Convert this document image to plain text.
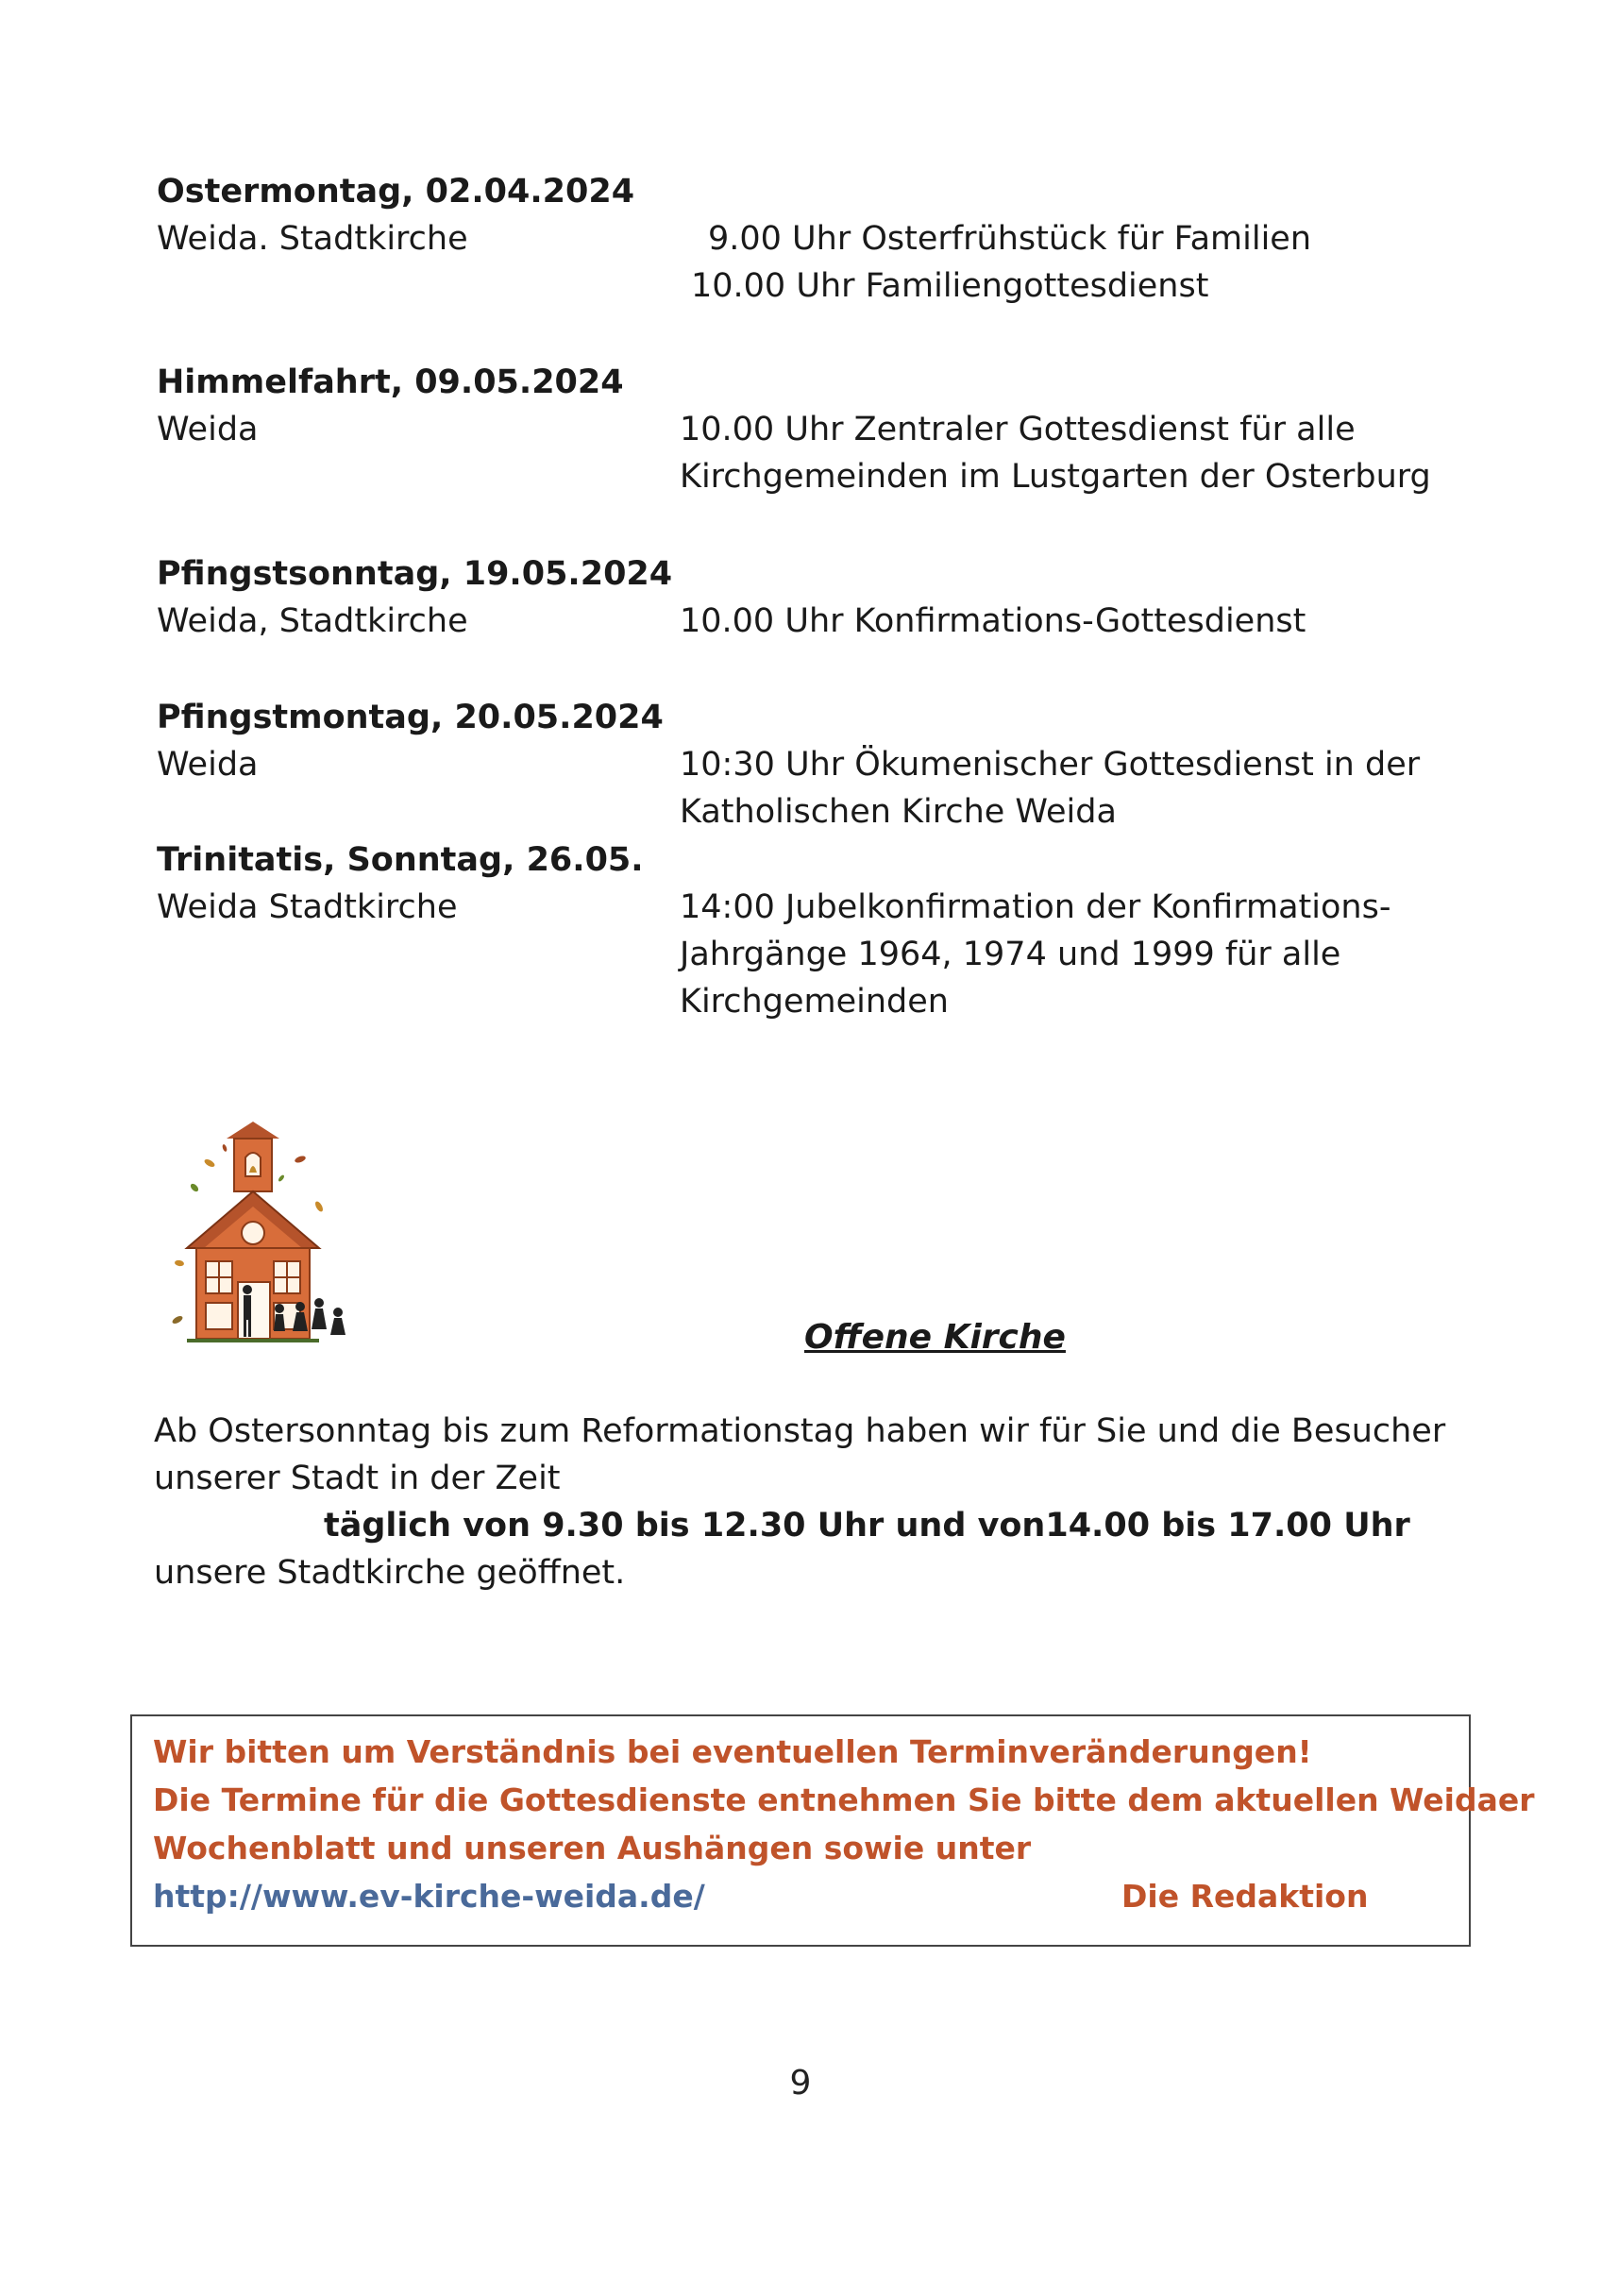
Ostermontag, 02.04.2024
Weida. Stadtkirche	9.00 Uhr Osterfrühstück für Familien
10.00 Uhr Familiengottesdienst
Himmelfahrt, 09.05.2024
Weida	10.00 Uhr Zentraler Gottesdienst für alle
Kirchgemeinden im Lustgarten der Osterburg
Pfingstsonntag, 19.05.2024
Weida, Stadtkirche	10.00 Uhr Konfirmations-Gottesdienst
Pfingstmontag, 20.05.2024
Weida	10:30 Uhr Ökumenischer Gottesdienst in der
Katholischen Kirche Weida
Trinitatis, Sonntag, 26.05.
Weida Stadtkirche	14:00 Jubelkonfirmation der Konfirmations-
Jahrgänge 1964, 1974 und 1999 für alle
Kirchgemeinden
Offene Kirche
Ab Ostersonntag bis zum Reformationstag haben wir für Sie und die Besucher
unserer Stadt in der Zeit
täglich von 9.30 bis 12.30 Uhr und von14.00 bis 17.00 Uhr
unsere Stadtkirche geöffnet.
Wir bitten um Verständnis bei eventuellen Terminveränderungen!
Die Termine für die Gottesdienste entnehmen Sie bitte dem aktuellen Weidaer
Wochenblatt und unseren Aushängen sowie unter
http://www.ev-kirche-weida.de/	Die Redaktion
9
